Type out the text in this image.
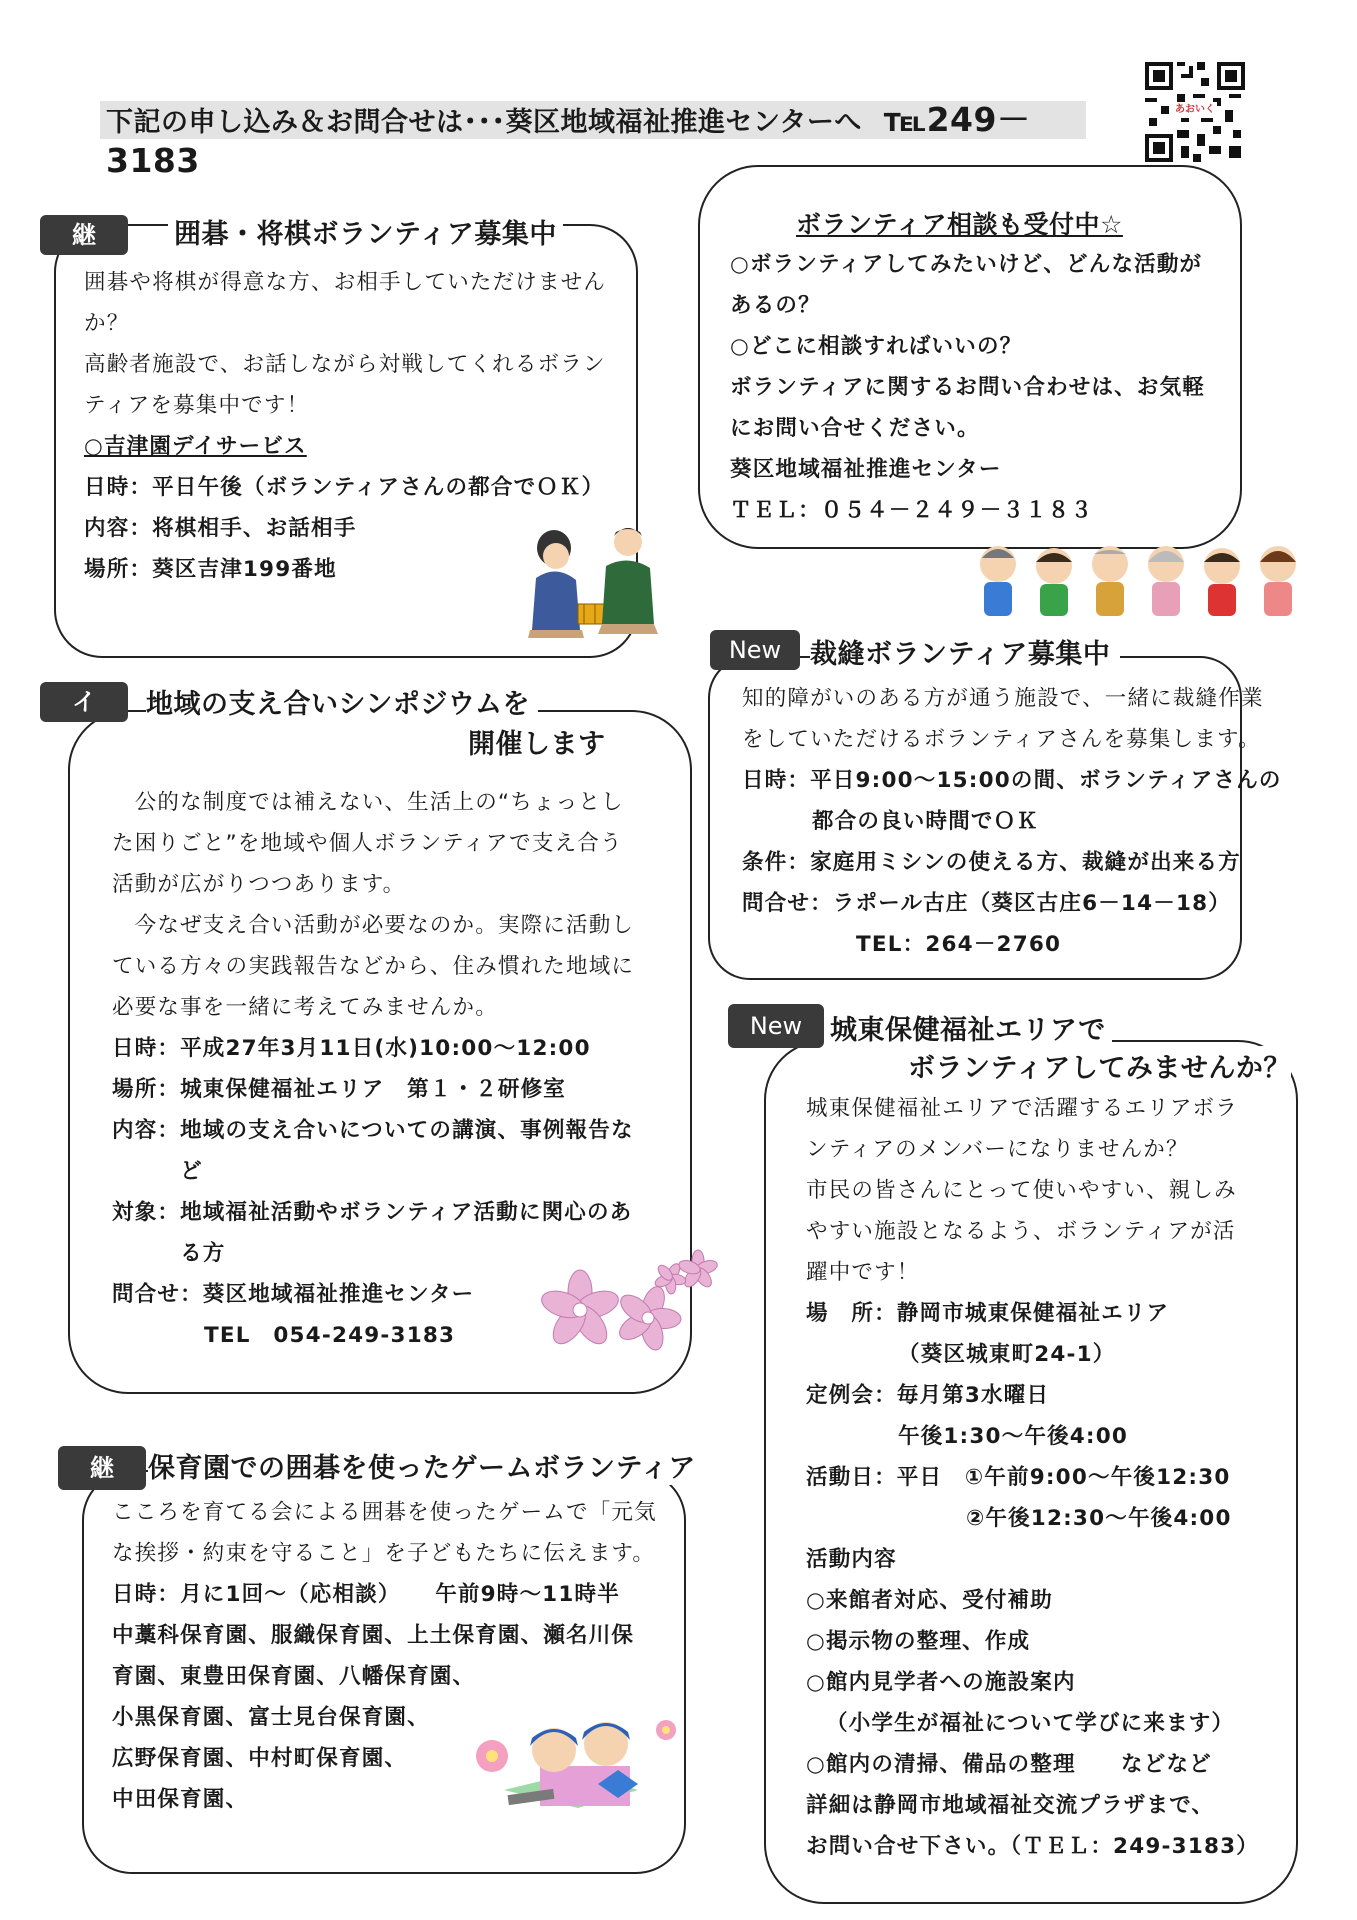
下記の申し込み＆お問合せは･･･葵区地域福祉推進センターへ ℡249－3183
あおいく
継	囲碁・将棋ボランティア募集中

囲碁や将棋が得意な方、お相手していただけません

か？

高齢者施設で、お話しながら対戦してくれるボラン

ティアを募集中です！

○吉津園デイサービス

日時：平日午後（ボランティアさんの都合でＯＫ）

内容：将棋相手、お話相手

場所：葵区吉津199番地

ボランティア相談も受付中☆

○ボランティアしてみたいけど、どんな活動が

あるの？

○どこに相談すればいいの？

ボランティアに関するお問い合わせは、お気軽

にお問い合せください。

葵区地域福祉推進センター

ＴＥＬ：０５４－２４９－３１８３

New	裁縫ボランティア募集中

知的障がいのある方が通う施設で、一緒に裁縫作業

をしていただけるボランティアさんを募集します。

日時：平日9:00～15:00の間、ボランティアさんの

都合の良い時間でＯＫ

条件：家庭用ミシンの使える方、裁縫が出来る方

問合せ：ラポール古庄（葵区古庄6－14－18）

TEL：264－2760

イ	地域の支え合いシンポジウムを
開催します

　公的な制度では補えない、生活上の“ちょっとし

た困りごと”を地域や個人ボランティアで支え合う

活動が広がりつつあります。

　今なぜ支え合い活動が必要なのか。実際に活動し

ている方々の実践報告などから、住み慣れた地域に

必要な事を一緒に考えてみませんか。

日時：平成27年3月11日(水)10:00～12:00

場所：城東保健福祉エリア　第１・２研修室

内容：地域の支え合いについての講演、事例報告な

　　　ど

対象：地域福祉活動やボランティア活動に関心のあ

　　　る方

問合せ：葵区地域福祉推進センター

TEL　054-249-3183

New	城東保健福祉エリアで
ボランティアしてみませんか？

城東保健福祉エリアで活躍するエリアボラ

ンティアのメンバーになりませんか？

市民の皆さんにとって使いやすい、親しみ

やすい施設となるよう、ボランティアが活

躍中です！

場　所：静岡市城東保健福祉エリア

（葵区城東町24-1）

定例会：毎月第3水曜日

午後1:30～午後4:00

活動日：平日　①午前9:00～午後12:30

②午後12:30～午後4:00

活動内容

○来館者対応、受付補助

○掲示物の整理、作成

○館内見学者への施設案内

（小学生が福祉について学びに来ます）

○館内の清掃、備品の整理　　などなど

詳細は静岡市地域福祉交流プラザまで、

お問い合せ下さい。（ＴＥＬ：249-3183）

継	保育園での囲碁を使ったゲームボランティア

こころを育てる会による囲碁を使ったゲームで「元気

な挨拶・約束を守ること」を子どもたちに伝えます。

日時：月に1回～（応相談）　　午前9時～11時半

中藁科保育園、服織保育園、上土保育園、瀬名川保

育園、東豊田保育園、八幡保育園、

小黒保育園、富士見台保育園、

広野保育園、中村町保育園、

中田保育園、
